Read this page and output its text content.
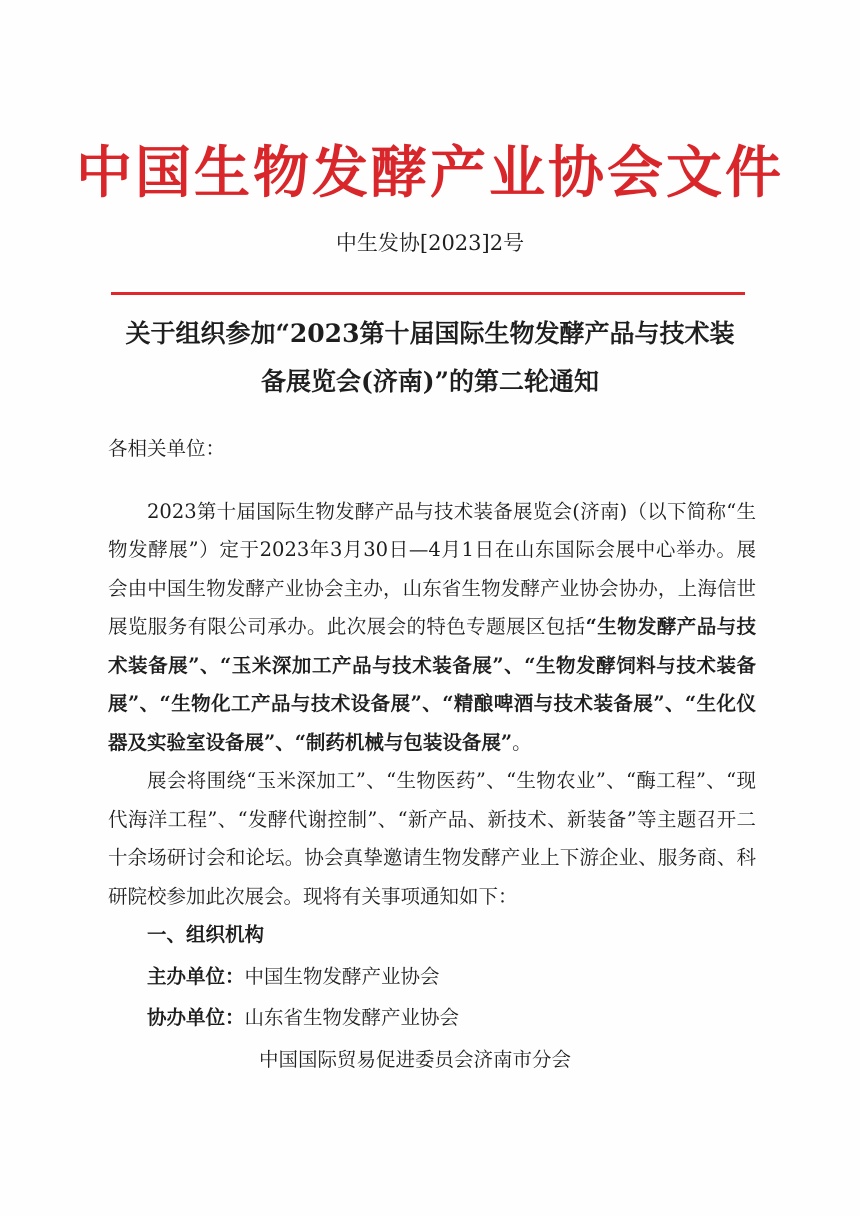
中国生物发酵产业协会文件
中生发协[2023]2号
关于组织参加“2023第十届国际生物发酵产品与技术装
备展览会(济南)”的第二轮通知

各相关单位：

2023第十届国际生物发酵产品与技术装备展览会(济南)（以下简称“生物发酵展”）定于2023年3月30日—4月1日在山东国际会展中心举办。展会由中国生物发酵产业协会主办，山东省生物发酵产业协会协办，上海信世展览服务有限公司承办。此次展会的特色专题展区包括“生物发酵产品与技术装备展”、“玉米深加工产品与技术装备展”、“生物发酵饲料与技术装备展”、“生物化工产品与技术设备展”、“精酿啤酒与技术装备展”、“生化仪器及实验室设备展”、“制药机械与包装设备展”。

展会将围绕“玉米深加工”、“生物医药”、“生物农业”、“酶工程”、“现代海洋工程”、“发酵代谢控制”、“新产品、新技术、新装备”等主题召开二十余场研讨会和论坛。协会真挚邀请生物发酵产业上下游企业、服务商、科研院校参加此次展会。现将有关事项通知如下：

一、组织机构

主办单位：中国生物发酵产业协会

协办单位：山东省生物发酵产业协会

中国国际贸易促进委员会济南市分会
